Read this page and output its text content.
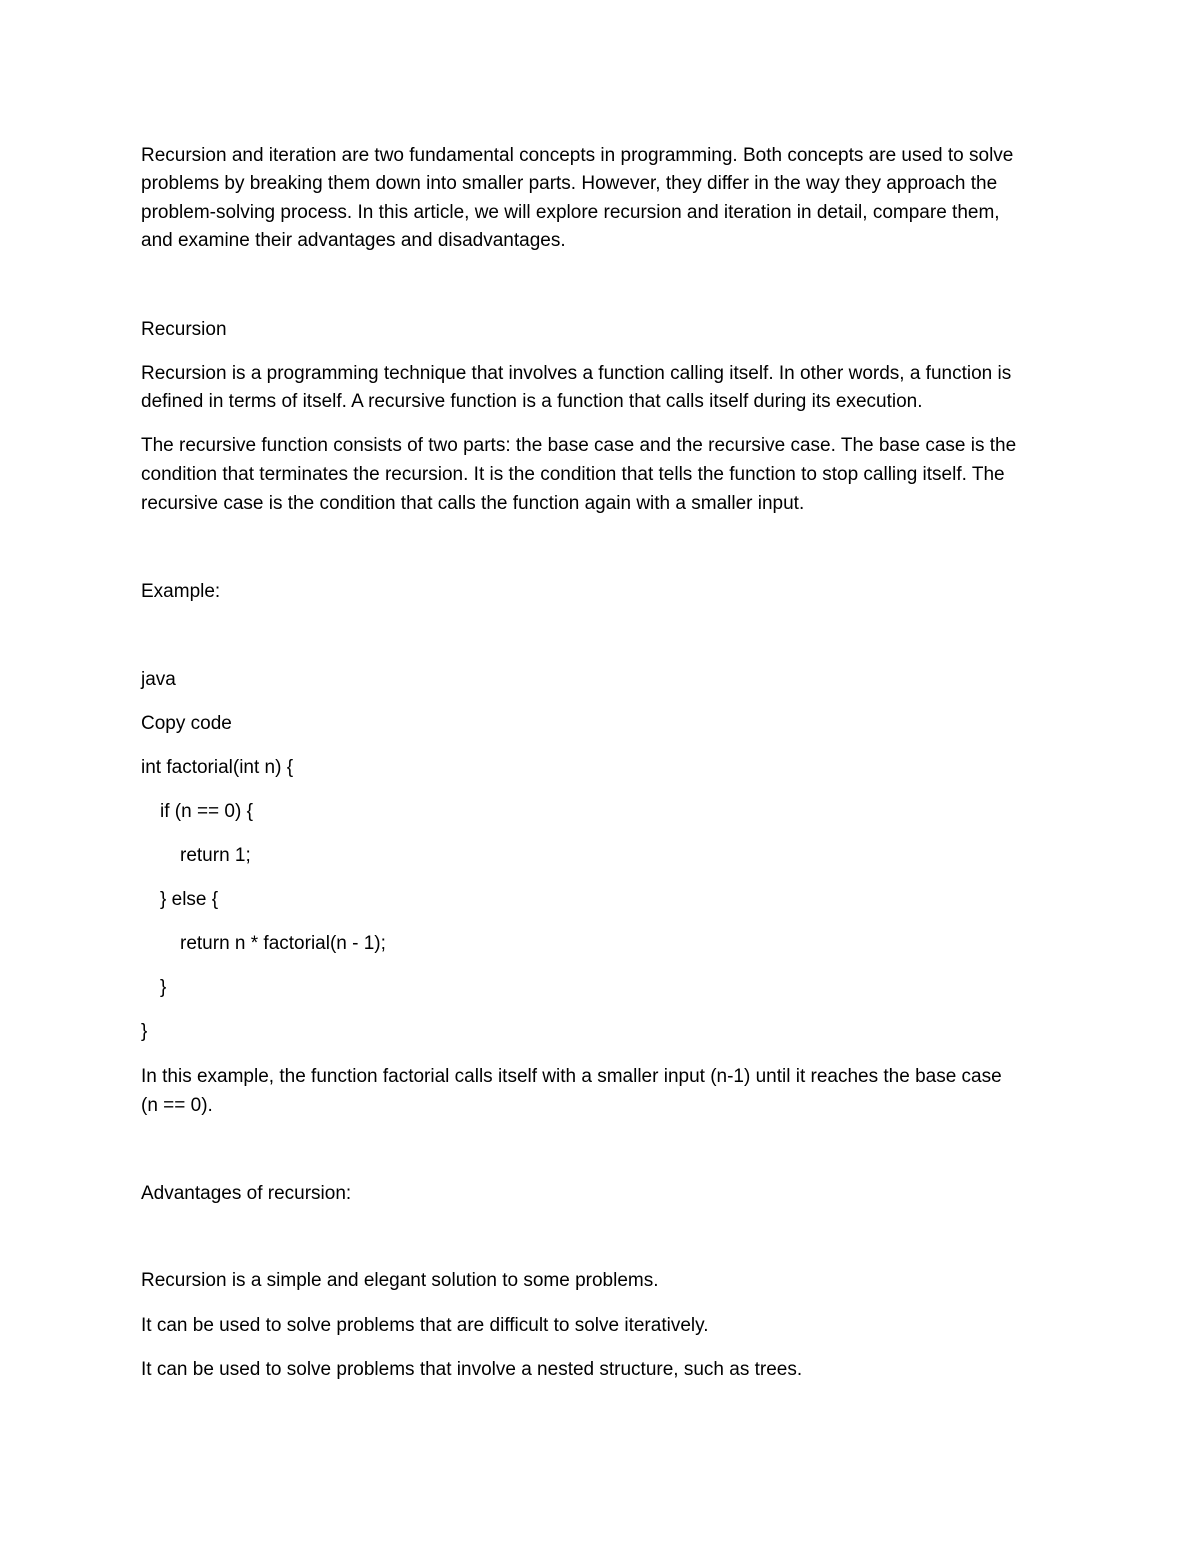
Recursion and iteration are two fundamental concepts in programming. Both concepts are used to solve
problems by breaking them down into smaller parts. However, they differ in the way they approach the
problem-solving process. In this article, we will explore recursion and iteration in detail, compare them,
and examine their advantages and disadvantages.
Recursion
Recursion is a programming technique that involves a function calling itself. In other words, a function is
defined in terms of itself. A recursive function is a function that calls itself during its execution.
The recursive function consists of two parts: the base case and the recursive case. The base case is the
condition that terminates the recursion. It is the condition that tells the function to stop calling itself. The
recursive case is the condition that calls the function again with a smaller input.
Example:
java
Copy code
int factorial(int n) {
if (n == 0) {
return 1;
} else {
return n * factorial(n - 1);
}
}
In this example, the function factorial calls itself with a smaller input (n-1) until it reaches the base case
(n == 0).
Advantages of recursion:
Recursion is a simple and elegant solution to some problems.
It can be used to solve problems that are difficult to solve iteratively.
It can be used to solve problems that involve a nested structure, such as trees.
